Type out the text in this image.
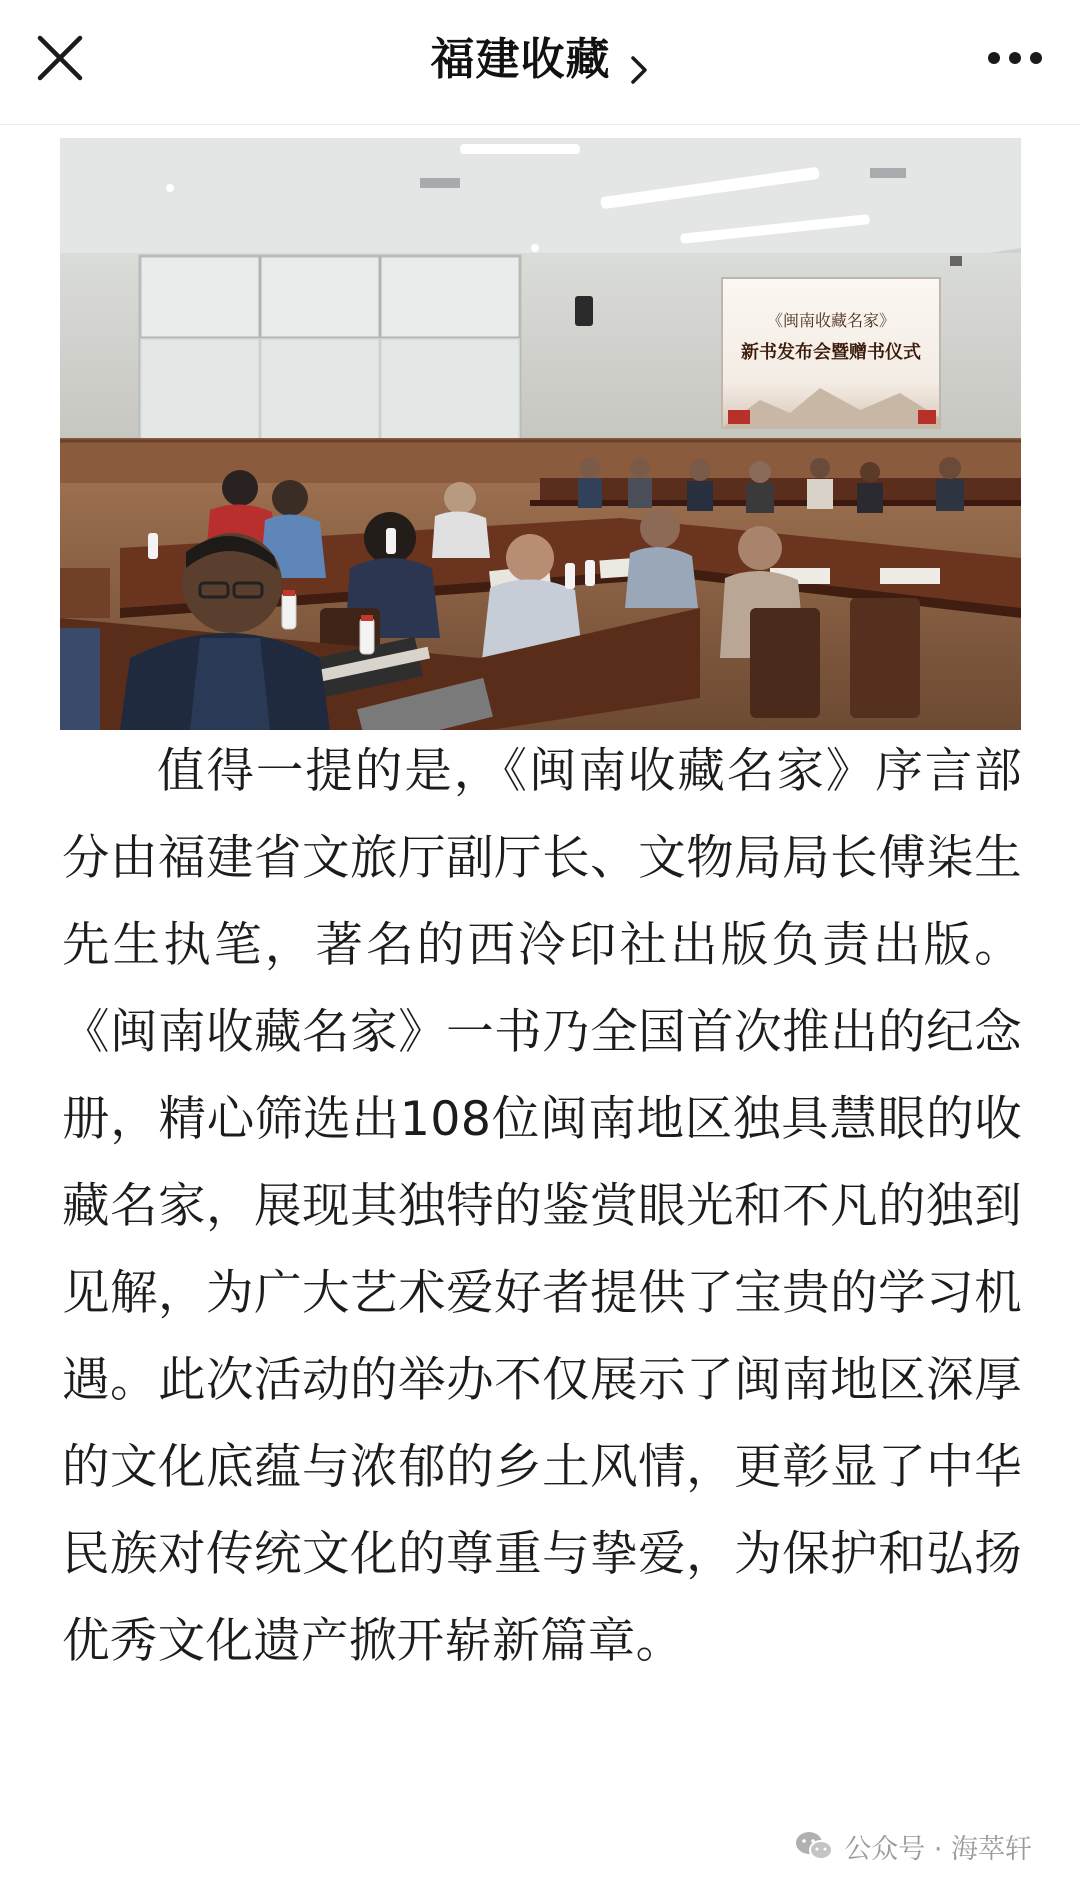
福建收藏
《闽南收藏名家》
新书发布会暨赠书仪式

值得一提的是，《闽南收藏名家》序言部分由福建省文旅厅副厅长、文物局局长傅柒生先生执笔，著名的西泠印社出版负责出版。《闽南收藏名家》一书乃全国首次推出的纪念册，精心筛选出108位闽南地区独具慧眼的收藏名家，展现其独特的鉴赏眼光和不凡的独到见解，为广大艺术爱好者提供了宝贵的学习机遇。此次活动的举办不仅展示了闽南地区深厚的文化底蕴与浓郁的乡土风情，更彰显了中华民族对传统文化的尊重与挚爱，为保护和弘扬优秀文化遗产掀开崭新篇章。

公众号 · 海萃轩
